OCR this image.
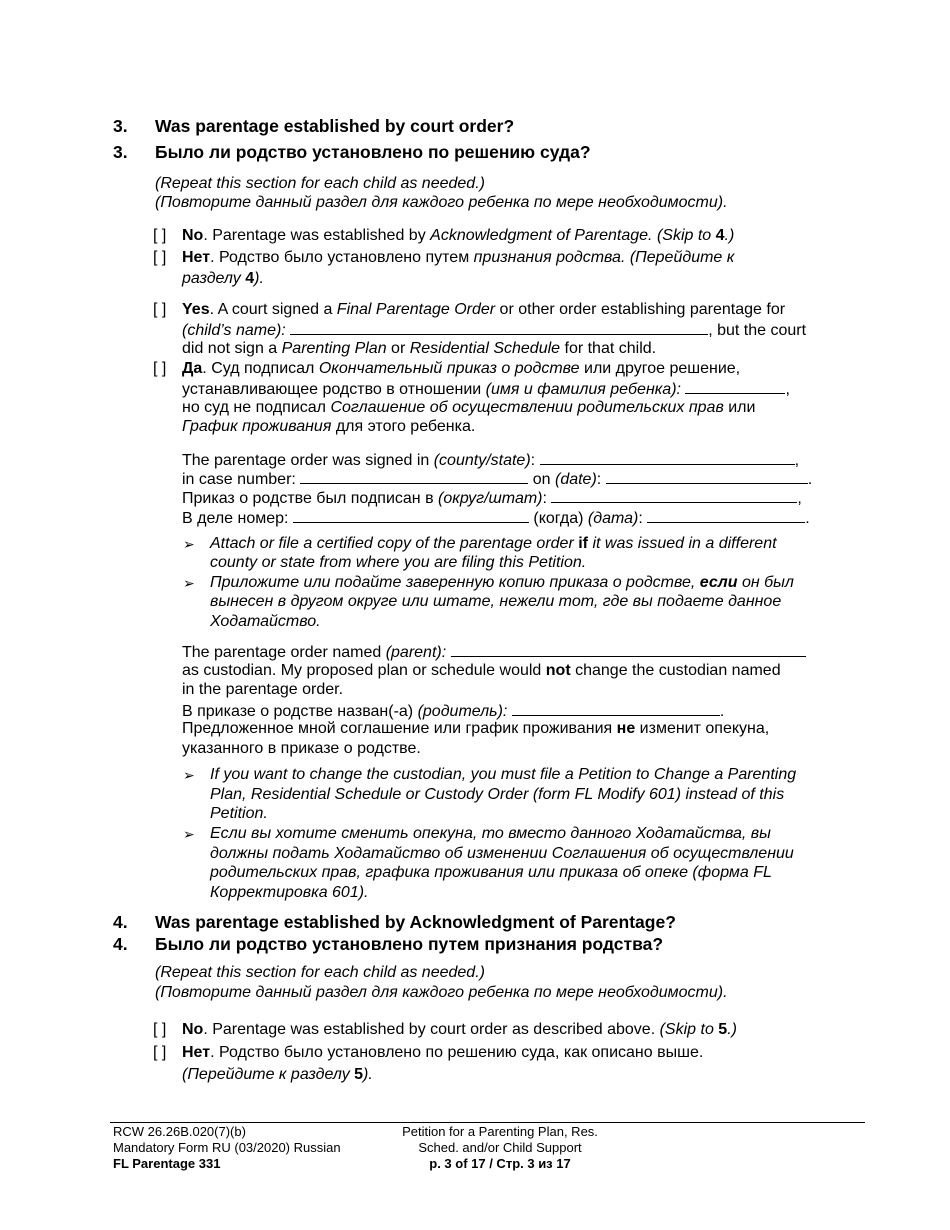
3. Was parentage established by court order?
3. Было ли родство установлено по решению суда?
(Repeat this section for each child as needed.)
(Повторите данный раздел для каждого ребенка по мере необходимости).
[ ] No. Parentage was established by Acknowledgment of Parentage. (Skip to 4.)
[ ] Нет. Родство было установлено путем признания родства. (Перейдите к
разделу 4).
[ ] Yes. A court signed a Final Parentage Order or other order establishing parentage for
(child’s name):	, but the court
did not sign a Parenting Plan or Residential Schedule for that child.
[ ] Да. Суд подписал Окончательный приказ о родстве или другое решение,
устанавливающее родство в отношении (имя и фамилия ребенка):	,
но суд не подписал Соглашение об осуществлении родительских прав или
График проживания для этого ребенка.
The parentage order was signed in (county/state):	,
in case number:	on (date):	.
Приказ о родстве был подписан в (округ/штат):	,
В деле номер:	(когда) (дата):	.
➢ Attach or file a certified copy of the parentage order if it was issued in a different
county or state from where you are filing this Petition.
➢ Приложите или подайте заверенную копию приказа о родстве, если он был
вынесен в другом округе или штате, нежели тот, где вы подаете данное
Ходатайство.
The parentage order named (parent):
as custodian. My proposed plan or schedule would not change the custodian named
in the parentage order.
В приказе о родстве назван(-а) (родитель):	.
Предложенное мной соглашение или график проживания не изменит опекуна,
указанного в приказе о родстве.
➢ If you want to change the custodian, you must file a Petition to Change a Parenting
Plan, Residential Schedule or Custody Order (form FL Modify 601) instead of this
Petition.
➢ Если вы хотите сменить опекуна, то вместо данного Ходатайства, вы
должны подать Ходатайство об изменении Соглашения об осуществлении
родительских прав, графика проживания или приказа об опеке (форма FL
Корректировка 601).
4. Was parentage established by Acknowledgment of Parentage?
4. Было ли родство установлено путем признания родства?
(Repeat this section for each child as needed.)
(Повторите данный раздел для каждого ребенка по мере необходимости).
[ ] No. Parentage was established by court order as described above. (Skip to 5.)
[ ] Нет. Родство было установлено по решению суда, как описано выше.
(Перейдите к разделу 5).
RCW 26.26B.020(7)(b)
Mandatory Form RU (03/2020) Russian
FL Parentage 331
Petition for a Parenting Plan, Res.
Sched. and/or Child Support
p. 3 of 17 / Стр. 3 из 17
